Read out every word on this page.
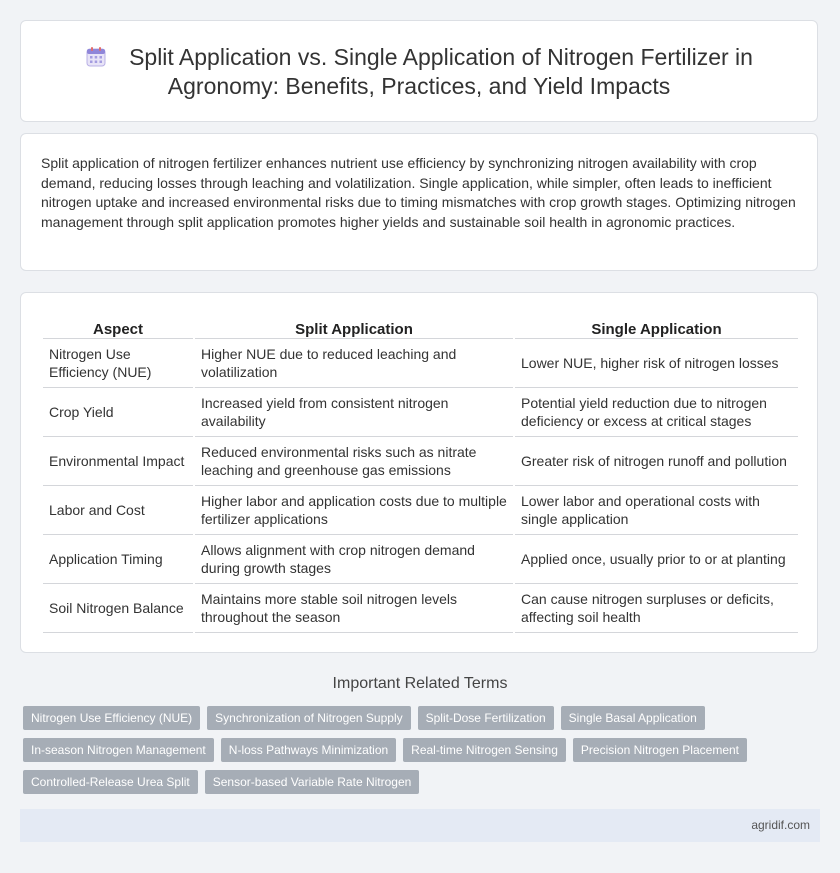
Split Application vs. Single Application of Nitrogen Fertilizer in Agronomy: Benefits, Practices, and Yield Impacts
Split application of nitrogen fertilizer enhances nutrient use efficiency by synchronizing nitrogen availability with crop demand, reducing losses through leaching and volatilization. Single application, while simpler, often leads to inefficient nitrogen uptake and increased environmental risks due to timing mismatches with crop growth stages. Optimizing nitrogen management through split application promotes higher yields and sustainable soil health in agronomic practices.
Aspect	Split Application	Single Application
Nitrogen Use Efficiency (NUE)	Higher NUE due to reduced leaching and volatilization	Lower NUE, higher risk of nitrogen losses
Crop Yield	Increased yield from consistent nitrogen availability	Potential yield reduction due to nitrogen deficiency or excess at critical stages
Environmental Impact	Reduced environmental risks such as nitrate leaching and greenhouse gas emissions	Greater risk of nitrogen runoff and pollution
Labor and Cost	Higher labor and application costs due to multiple fertilizer applications	Lower labor and operational costs with single application
Application Timing	Allows alignment with crop nitrogen demand during growth stages	Applied once, usually prior to or at planting
Soil Nitrogen Balance	Maintains more stable soil nitrogen levels throughout the season	Can cause nitrogen surpluses or deficits, affecting soil health
Important Related Terms
Nitrogen Use Efficiency (NUE)	Synchronization of Nitrogen Supply	Split-Dose Fertilization	Single Basal Application
In-season Nitrogen Management	N-loss Pathways Minimization	Real-time Nitrogen Sensing	Precision Nitrogen Placement
Controlled-Release Urea Split	Sensor-based Variable Rate Nitrogen
agridif.com
